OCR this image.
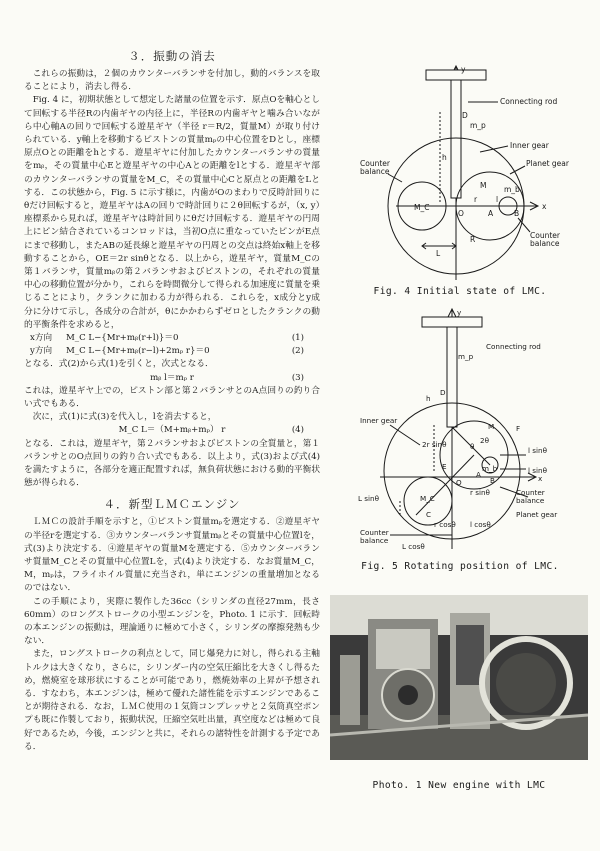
３．振動の消去

これらの振動は，２個のカウンターバランサを付加し，動的バランスを取ることにより，消去し得る．

Fig. 4 に，初期状態として想定した諸量の位置を示す．原点Oを軸心として回転する半径Rの内歯ギヤの内径上に，半径Rの内歯ギヤと噛み合いながら中心軸Aの回りで回転する遊星ギヤ（半径 r＝R/2，質量M）が取り付けられている．y軸上を移動するピストンの質量mₚの中心位置をDとし，座標原点Oとの距離をhとする．遊星ギヤに付加したカウンターバランサの質量をmᵦ，その質量中心Eと遊星ギヤの中心Aとの距離をlとする．遊星ギヤ部のカウンターバランサの質量をM_C，その質量中心Cと原点との距離をLとする．この状態から，Fig. 5 に示す様に，内歯がOのまわりで反時計回りにθだけ回転すると，遊星ギヤはAの回りで時計回りに２θ回転するが，（x, y）座標系から見れば，遊星ギヤは時計回りにθだけ回転する．遊星ギヤの円周上にピン結合されているコンロッドは，当初O点に重なっていたピンがE点にまで移動し，またABの延長線と遊星ギヤの円周との交点は終始x軸上を移動することから，OE＝2r sinθとなる．以上から，遊星ギヤ，質量M_Cの第１バランサ，質量mᵦの第２バランサおよびピストンの，それぞれの質量中心の移動位置が分かり，これらを時間微分して得られる加速度に質量を乗じることにより，クランクに加わる力が得られる．これらを，x成分とy成分に分けて示し，各成分の合計が，θにかかわらずゼロとしたクランクの動的平衡条件を求めると，

x方向 M_C L−{Mr+mᵦ(r+l)}＝0	(1)
y方向 M_C L−{Mr+mᵦ(r−l)+2mₚ r}＝0	(2)

となる．式(2)から式(1)を引くと，次式となる．

mᵦ l＝mₚ r	(3)

これは，遊星ギヤ上での，ピストン部と第２バランサとのA点回りの釣り合い式でもある．

次に，式(1)に式(3)を代入し，lを消去すると，

M_C L＝（M+mᵦ+mₚ） r	(4)

となる．これは，遊星ギヤ，第２バランサおよびピストンの全質量と，第１バランサとのO点回りの釣り合い式でもある．以上より，式(3)および式(4)を満たすように，各部分を適正配置すれば，無負荷状態における動的平衡状態が得られる．

４．新型ＬＭＣエンジン

ＬＭＣの設計手順を示すと，①ピストン質量mₚを選定する．②遊星ギヤの半径rを選定する．③カウンターバランサ質量mᵦとその質量中心位置lを，式(3)より決定する．④遊星ギヤの質量Mを選定する．⑤カウンターバランサ質量M_Cとその質量中心位置Lを，式(4)より決定する．なお質量M_C，M，mₚは，フライホイル質量に充当され，単にエンジンの重量増加となるのではない．

この手順により，実際に製作した36cc（シリンダの直径27mm，長さ60mm）のロングストロークの小型エンジンを，Photo. 1 に示す．回転時の本エンジンの振動は，理論通りに極めて小さく，シリンダの摩擦発熱も少ない．

また，ロングストロークの利点として，同じ爆発力に対し，得られる主軸トルクは大きくなり，さらに，シリンダー内の空気圧縮比を大きくし得るため，燃焼室を球形状にすることが可能であり，燃焼効率の上昇が予想される．すなわち，本エンジンは，極めて優れた諸性能を示すエンジンであることが期待される．なお，ＬＭＣ使用の１気筒コンプレッサと２気筒真空ポンプも既に作製しており，振動状況，圧縮空気吐出量，真空度などは極めて良好であるため，今後，エンジンと共に，それらの諸特性を計測する予定である．

y
x
Connecting rod
D
m_p
Inner gear
Planet gear
Counter balance
h
M m_b
M_C
O	A	B
r	l
L
R	Counter balance
Fig. 4 Initial state of LMC.
y
x
Connecting rod
m_p
D
h
Inner gear
M	F
2r sinθ	θ
2θ
l sinθ
l sinθ
m_b
O
E
A
B
r sinθ
M_C
C
L sinθ
r cosθ l cosθ
Counter balance
Planet gear
Counter balance
L cosθ
Fig. 5 Rotating position of LMC.
Photo. 1 New engine with LMC
